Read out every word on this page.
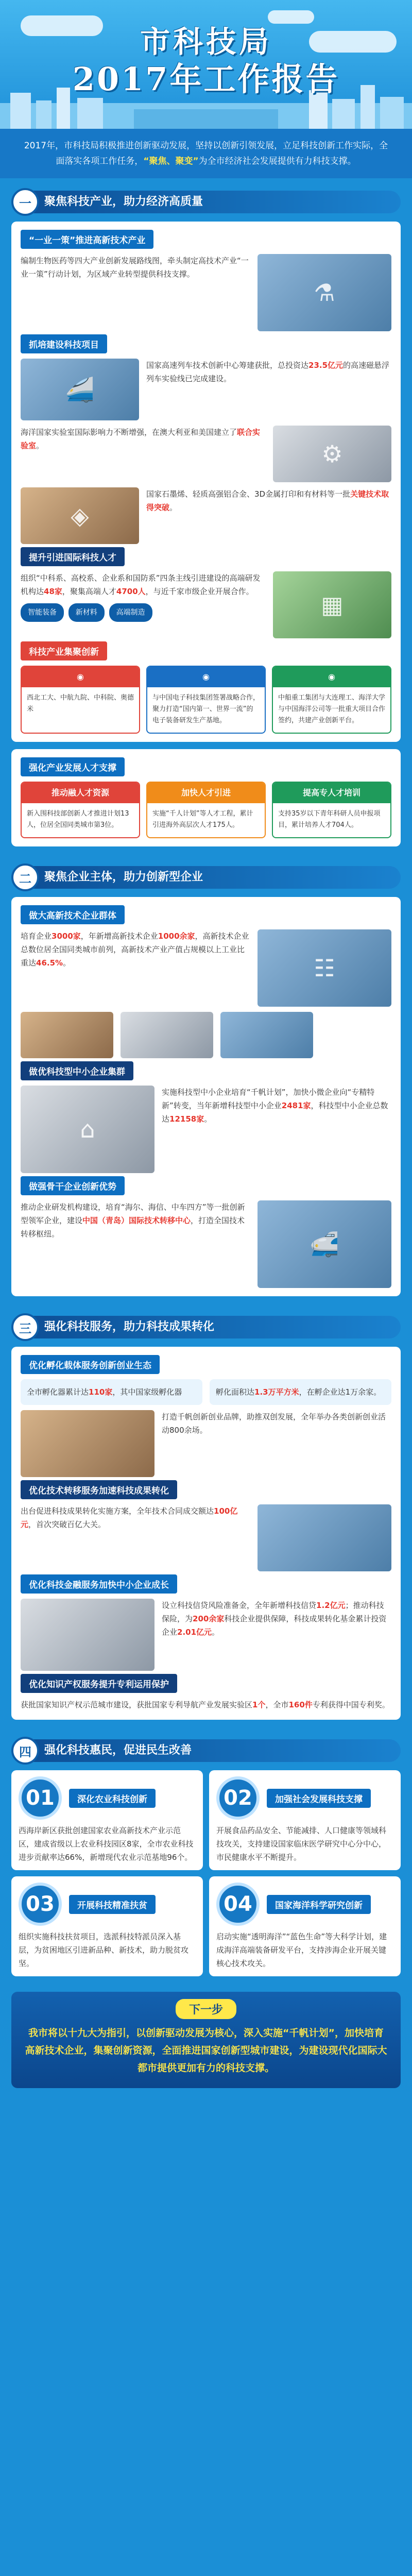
市科技局
2017年工作报告
2017年，市科技局积极推进创新驱动发展，坚持以创新引领发展，立足科技创新工作实际，全面落实各项工作任务，“聚焦、聚变”为全市经济社会发展提供有力科技支撑。
一	聚焦科技产业，助力经济高质量
“一业一策”推进高新技术产业
编制生物医药等四大产业创新发展路线图，牵头制定高技术产业“一业一策”行动计划，为区域产业转型提供科技支撑。
⚗
抓培建设科技项目
🚄
国家高速列车技术创新中心筹建获批，总投资达23.5亿元的高速磁悬浮列车实验线已完成建设。
海洋国家实验室国际影响力不断增强，在澳大利亚和美国建立了联合实验室。	⚙
◈
国家石墨烯、轻质高强铝合金、3D金属打印和有材料等一批关键技术取得突破。
提升引进国际科技人才
组织“中科系、高校系、企业系和国防系”四条主线引进建设的高端研发机构达48家，聚集高端人才4700人，与近千家市级企业开展合作。
智能装备	新材料	高端制造	▦
科技产业集聚创新
◉
西北工大、中航九院、中科院、奥德米
◉
与中国电子科技集团签署战略合作，聚力打造“国内第一、世界一流”的电子装备研发生产基地。
◉
中船重工集团与大连理工、海洋大学与中国海洋公司等一批重大项目合作签约，共建产业创新平台。
强化产业发展人才支撑
推动融人才资源
新入围科技部创新人才推进计划13人，位居全国同类城市第3位。
加快人才引进
实施“千人计划”等人才工程，累计引进海外高层次人才175人。
提高专人才培训
支持35岁以下青年科研人员申报项目，累计培养人才704人。
二	聚焦企业主体，助力创新型企业
做大高新技术企业群体
培育企业3000家，年新增高新技术企业1000余家，高新技术企业总数位居全国同类城市前列，高新技术产业产值占规模以上工业比重达46.5%。	☷
做优科技型中小企业集群
⌂
实施科技型中小企业培育“千帆计划”，加快小微企业向“专精特新”转变，当年新增科技型中小企业2481家，科技型中小企业总数达12158家。
做强骨干企业创新优势
推动企业研发机构建设，培育“海尔、海信、中车四方”等一批创新型领军企业，建设中国（青岛）国际技术转移中心，打造全国技术转移枢纽。	🚅
三	强化科技服务，助力科技成果转化
优化孵化载体服务创新创业生态
全市孵化器累计达110家，其中国家级孵化器	孵化面积达1.3万平方米，在孵企业达1万余家。
打造千帆创新创业品牌，助推双创发展，全年举办各类创新创业活动800余场。
优化技术转移服务加速科技成果转化
出台促进科技成果转化实施方案，全年技术合同成交额达100亿元，首次突破百亿大关。
优化科技金融服务加快中小企业成长
设立科技信贷风险准备金，全年新增科技信贷1.2亿元；推动科技保险，为200余家科技企业提供保障，科技成果转化基金累计投资企业2.01亿元。
优化知识产权服务提升专利运用保护
获批国家知识产权示范城市建设，获批国家专利导航产业发展实验区1个，全市160件专利获得中国专利奖。
四	强化科技惠民，促进民生改善
01	深化农业科技创新
西海岸新区获批创建国家农业高新技术产业示范区，建成省级以上农业科技园区8家，全市农业科技进步贡献率达66%，新增现代农业示范基地96个。
02	加强社会发展科技支撑
开展食品药品安全、节能减排、人口健康等领域科技攻关，支持建设国家临床医学研究中心分中心，市民健康水平不断提升。
03	开展科技精准扶贫
组织实施科技扶贫项目，选派科技特派员深入基层，为贫困地区引进新品种、新技术，助力脱贫攻坚。
04	国家海洋科学研究创新
启动实施“透明海洋”“蓝色生命”等大科学计划，建成海洋高端装备研发平台，支持涉海企业开展关键核心技术攻关。
下一步
我市将以十九大为指引，以创新驱动发展为核心，深入实施“千帆计划”，加快培育高新技术企业，集聚创新资源，全面推进国家创新型城市建设，为建设现代化国际大都市提供更加有力的科技支撑。
